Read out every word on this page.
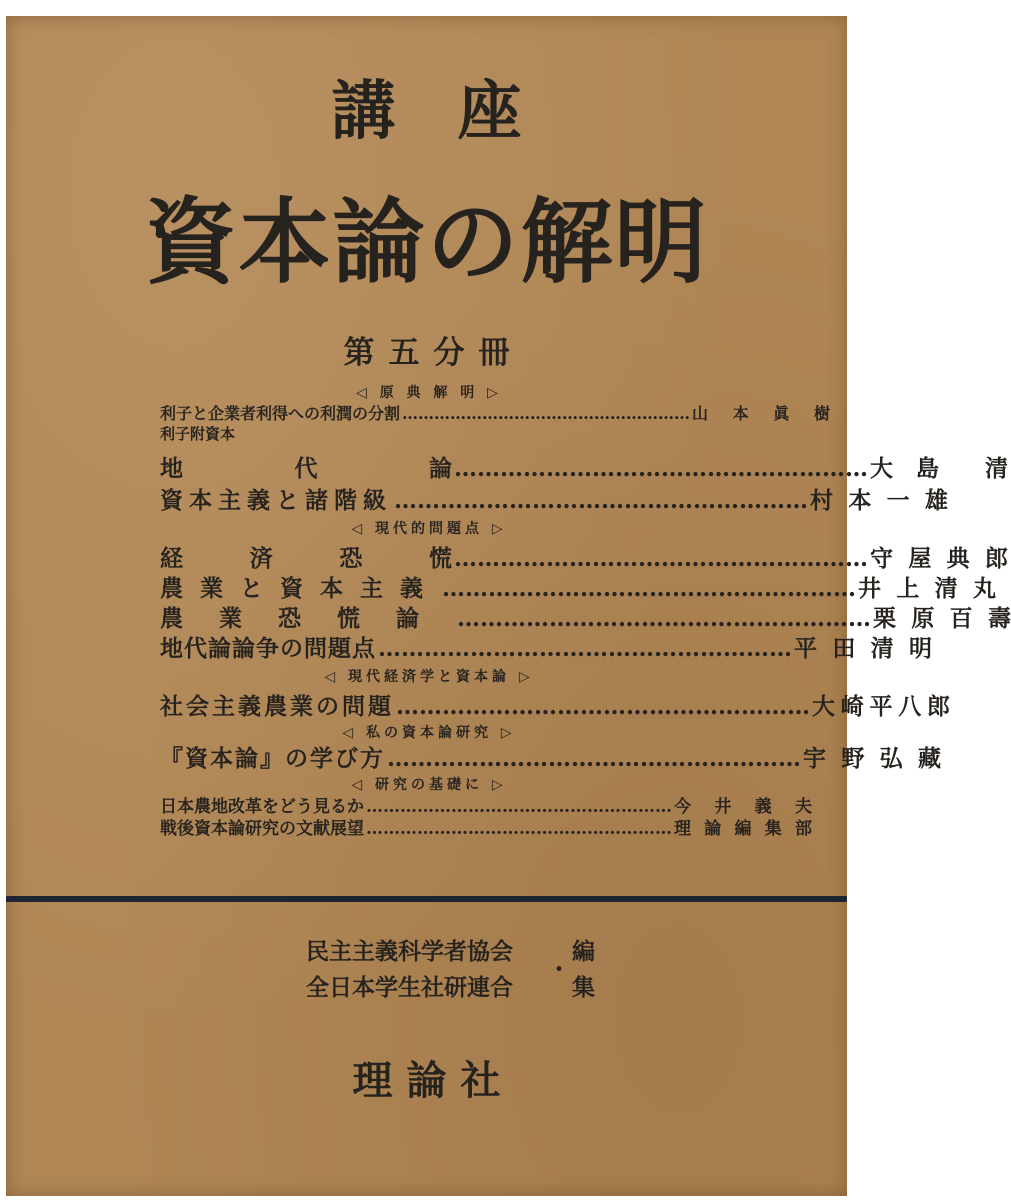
講座
資本論の解明
第五分冊
◁ 原 典 解 明 ▷
利子と企業者利得への利潤の分割 ……………………………………………… 山 本 眞 樹
利子附資本
地	代	論 ……………………………………………… 大 島 清
資本主義と諸階級 ……………………………………………… 村 本 一 雄
◁ 現代的問題点 ▷
経	済	恐	慌 ……………………………………………… 守 屋 典 郎
農業と資本主義 ……………………………………………… 井 上 清 丸
農業恐慌論 ……………………………………………… 栗 原 百 壽
地代論論争の問題点 ……………………………………………… 平 田 清 明
◁ 現代経済学と資本論 ▷
社会主義農業の問題 ……………………………………………… 大 崎 平 八 郎
◁ 私の資本論研究 ▷
『資本論』の学び方 ……………………………………………… 宇 野 弘 藏
◁ 研究の基礎に ▷
日本農地改革をどう見るか ……………………………………………… 今 井 義 夫
戦後資本論研究の文献展望 ……………………………………………… 理 論 編 集 部
民主主義科学者協会	編
全日本学生社研連合
・
集
理論社
